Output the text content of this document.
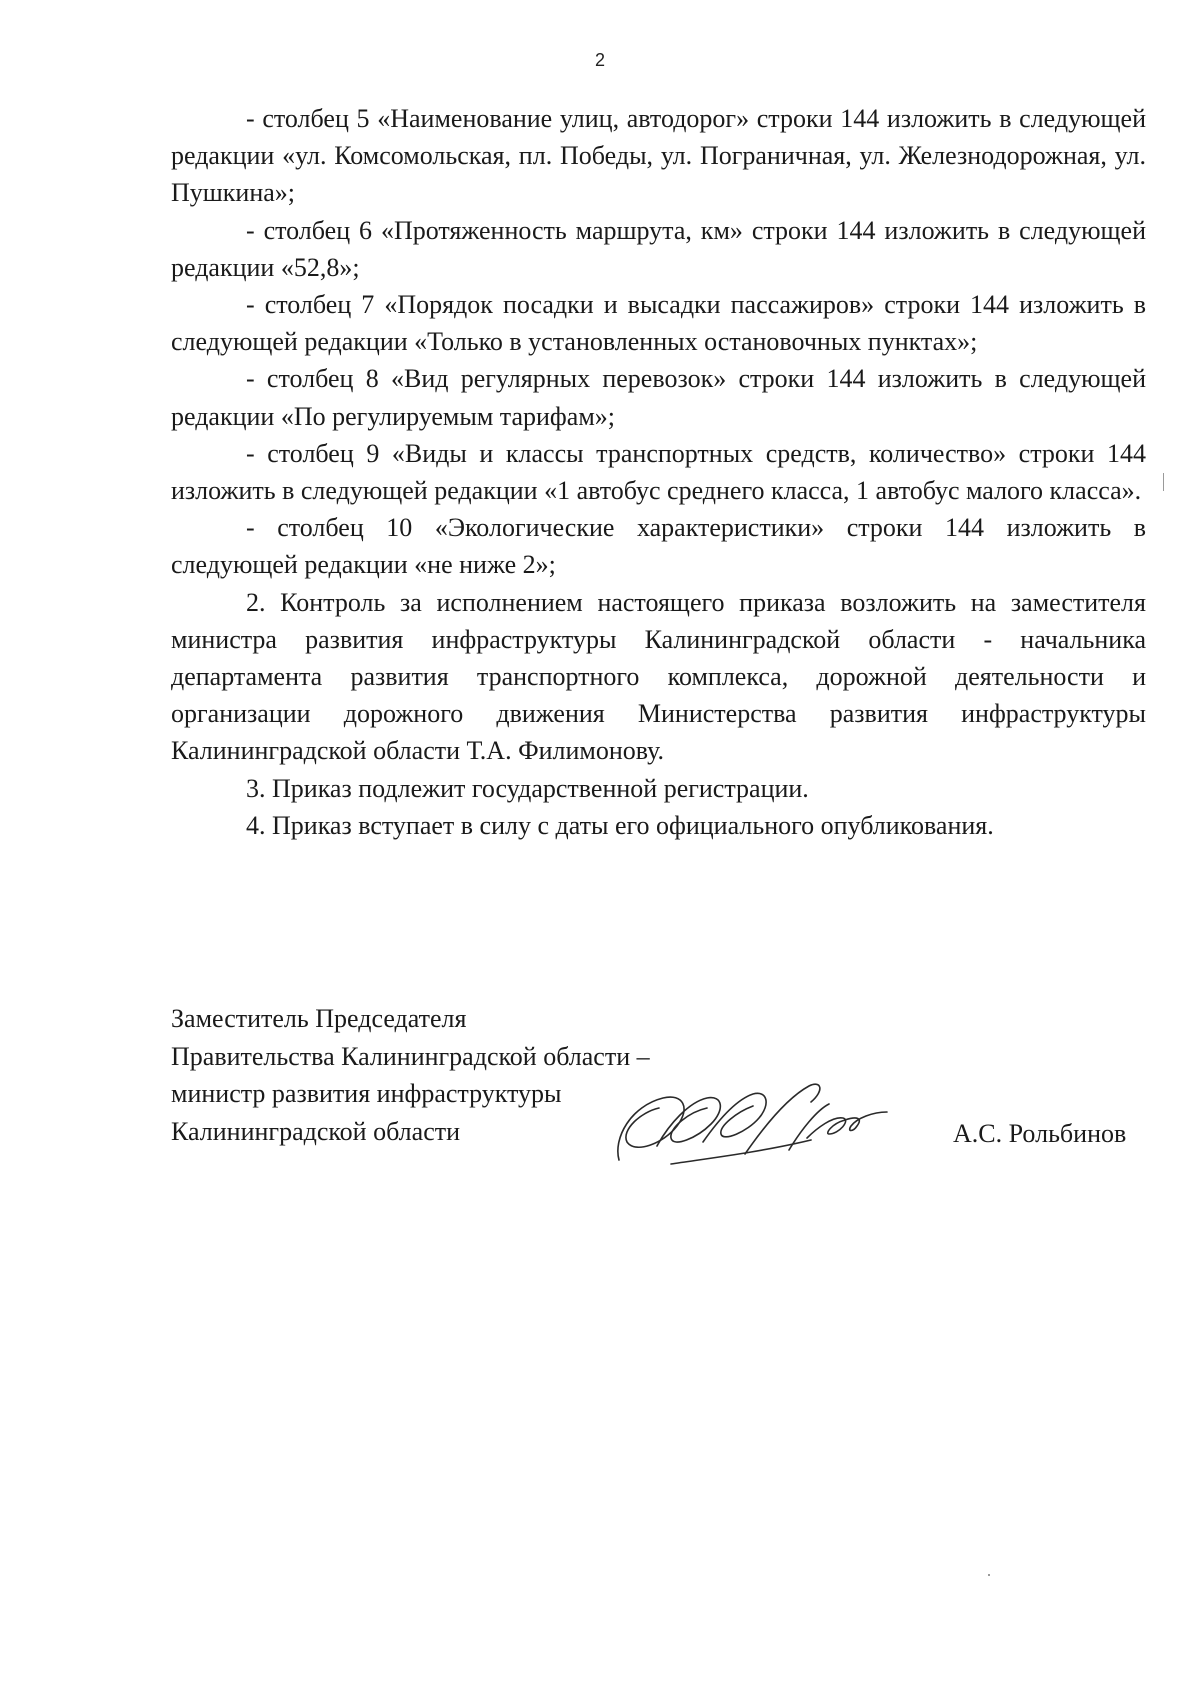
2

- столбец 5 «Наименование улиц, автодорог» строки 144 изложить в следующей редакции «ул. Комсомольская, пл. Победы, ул. Пограничная, ул. Железнодорожная, ул. Пушкина»;

- столбец 6 «Протяженность маршрута, км» строки 144 изложить в следующей редакции «52,8»;

- столбец 7 «Порядок посадки и высадки пассажиров» строки 144 изложить в следующей редакции «Только в установленных остановочных пунктах»;

- столбец 8 «Вид регулярных перевозок» строки 144 изложить в следующей редакции «По регулируемым тарифам»;

- столбец 9 «Виды и классы транспортных средств, количество» строки 144 изложить в следующей редакции «1 автобус среднего класса, 1 автобус малого класса».

- столбец 10 «Экологические характеристики» строки 144 изложить в следующей редакции «не ниже 2»;

2. Контроль за исполнением настоящего приказа возложить на заместителя министра развития инфраструктуры Калининградской области - начальника департамента развития транспортного комплекса, дорожной деятельности и организации дорожного движения Министерства развития инфраструктуры Калининградской области Т.А. Филимонову.

3. Приказ подлежит государственной регистрации.

4. Приказ вступает в силу с даты его официального опубликования.

Заместитель Председателя
Правительства Калининградской области –
министр развития инфраструктуры
Калининградской области	А.С. Рольбинов
